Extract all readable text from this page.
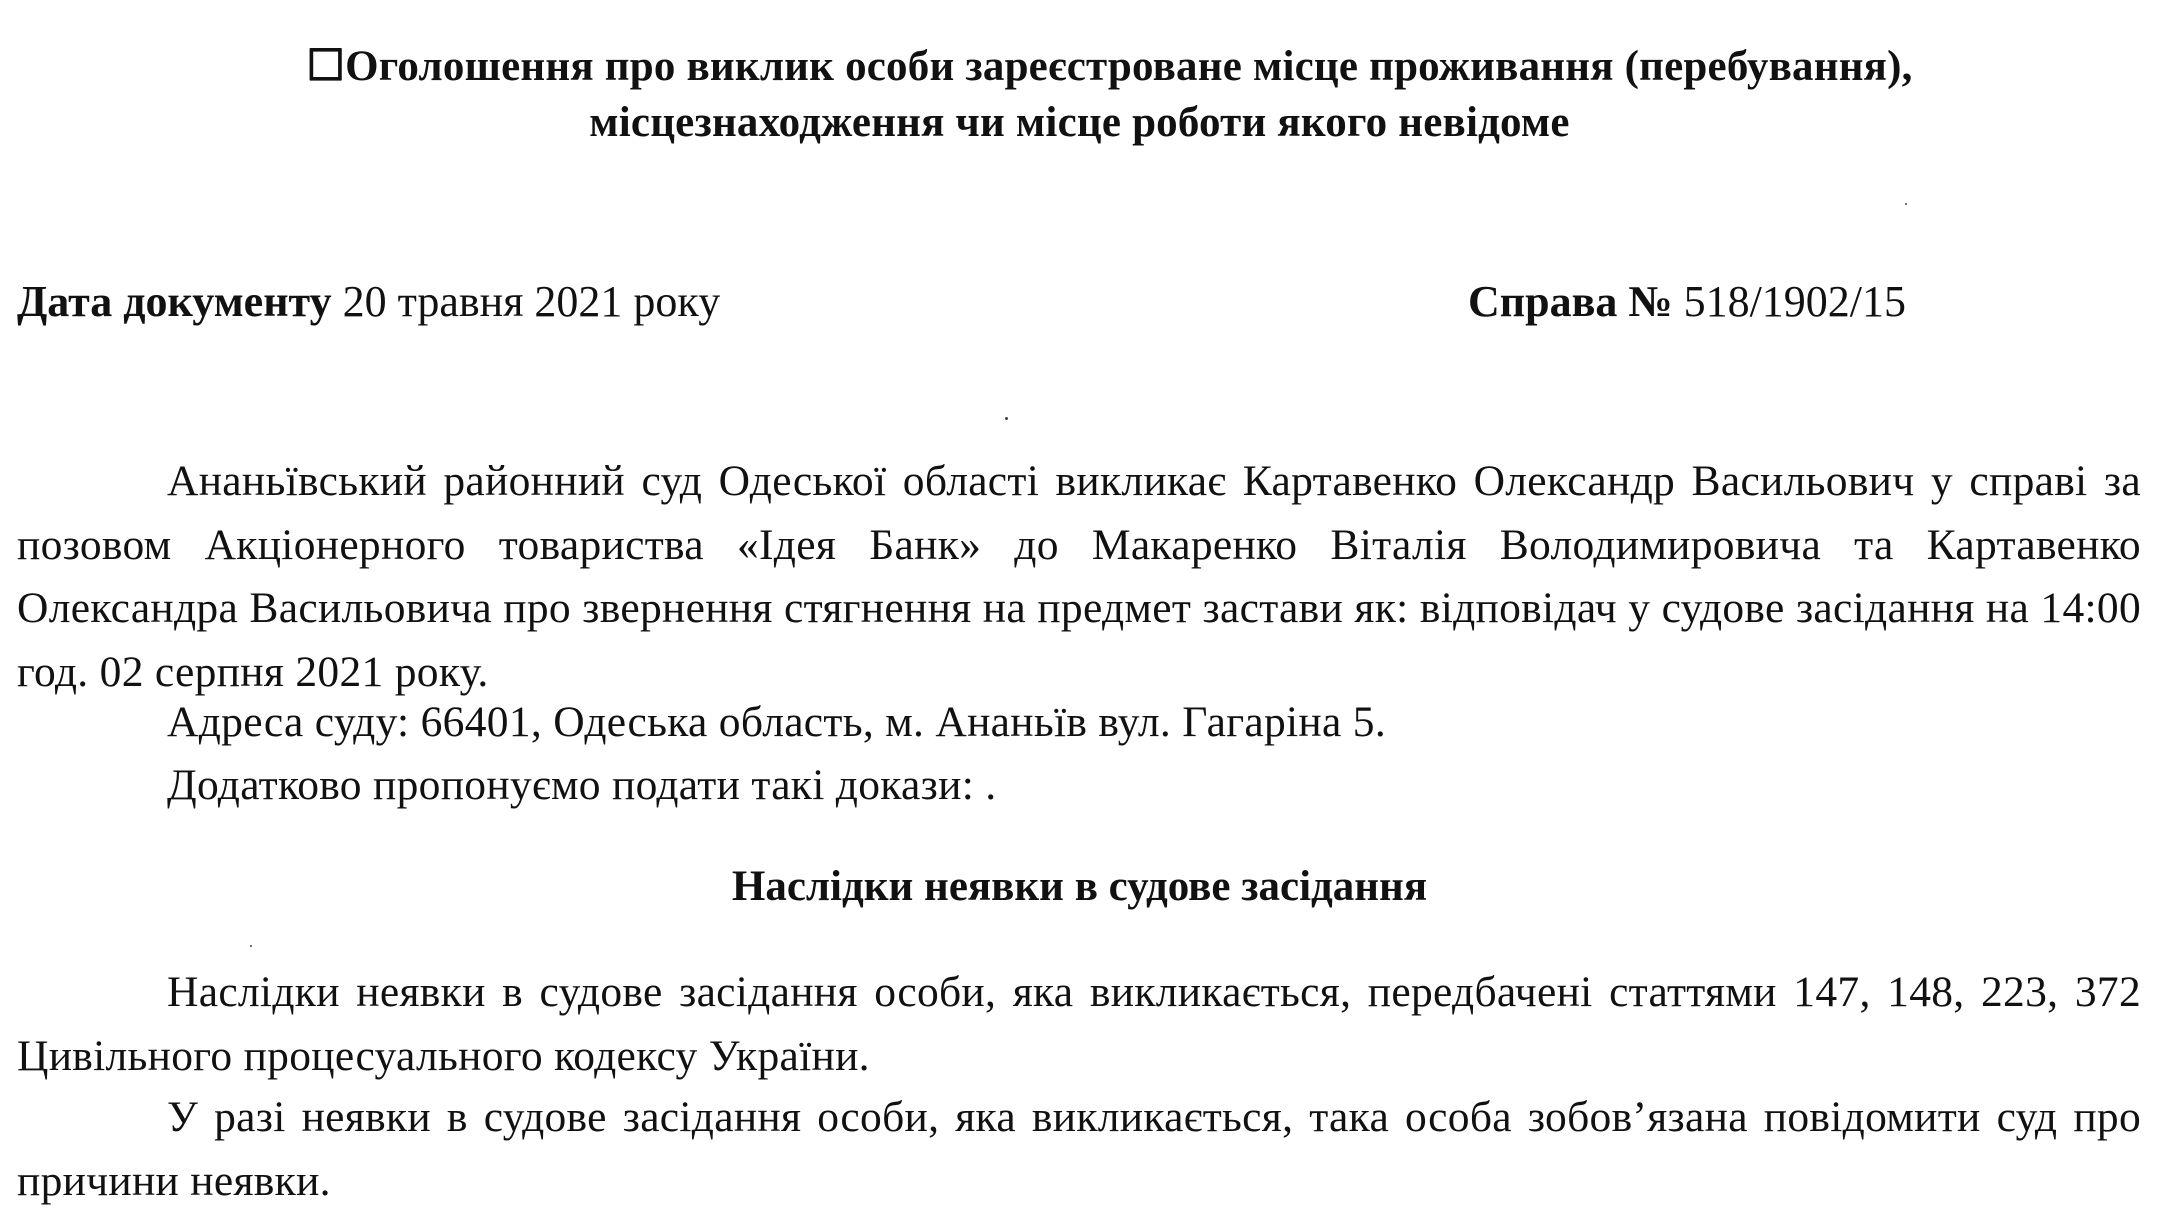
☐Оголошення про виклик особи зареєстроване місце проживання (перебування),
місцезнаходження чи місце роботи якого невідоме
Дата документу 20 травня 2021 року	Справа № 518/1902/15
Ананьївський районний суд Одеської області викликає Картавенко Олександр Васильович у справі за позовом Акціонерного товариства «Ідея Банк» до Макаренко Віталія Володимировича та Картавенко Олександра Васильовича про звернення стягнення на предмет застави як: відповідач у судове засідання на 14:00 год. 02 серпня 2021 року.
Адреса суду: 66401, Одеська область, м. Ананьїв вул. Гагаріна 5.
Додатково пропонуємо подати такі докази: .
Наслідки неявки в судове засідання
Наслідки неявки в судове засідання особи, яка викликається, передбачені статтями 147, 148, 223, 372 Цивільного процесуального кодексу України.
У разі неявки в судове засідання особи, яка викликається, така особа зобов’язана повідомити суд про причини неявки.
